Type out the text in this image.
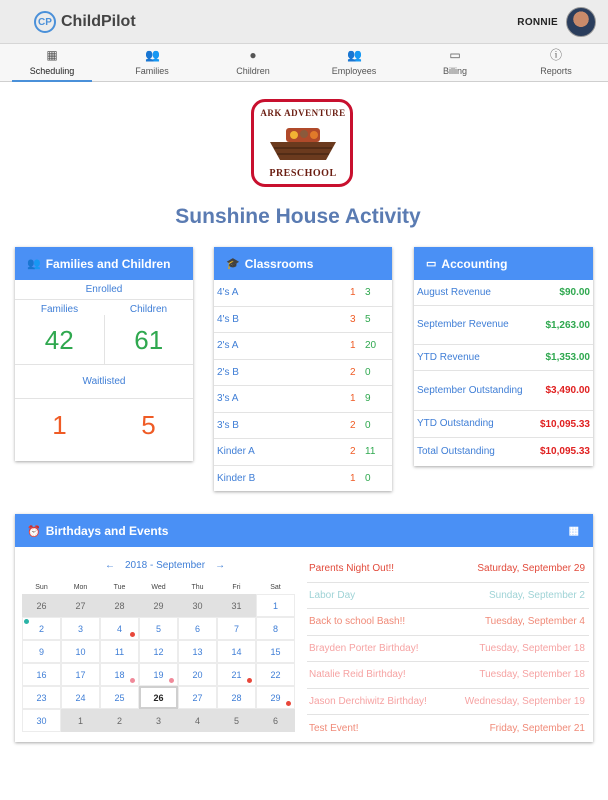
CP ChildPilot	RONNIE
▦
Scheduling
👥
Families
●
Children
👥
Employees
▭
Billing
ⓘ
Reports
ARK ADVENTURE
PRESCHOOL
Sunshine House Activity
👥 Families and Children
Enrolled
Families	Children
42	61
Waitlisted
1	5
🎓 Classrooms
4's A	1 3
4's B	3 5
2's A	1 20
2's B	2 0
3's A	1 9
3's B	2 0
Kinder A	2 11
Kinder B	1 0
▭ Accounting
August Revenue	$90.00
September Revenue	$1,263.00
YTD Revenue	$1,353.00
September Outstanding	$3,490.00
YTD Outstanding	$10,095.33
Total Outstanding	$10,095.33
⏰ Birthdays and Events	▦
← 2018 - September →
Sun	Mon	Tue	Wed	Thu	Fri	Sat
26	27	28	29	30	31	1
2	3	4	5	6	7	8
9	10	11	12	13	14	15
16	17	18	19	20	21	22
23	24	25	26	27	28	29
30	1	2	3	4	5	6
Parents Night Out!!	Saturday, September 29
Labor Day	Sunday, September 2
Back to school Bash!!	Tuesday, September 4
Brayden Porter Birthday!	Tuesday, September 18
Natalie Reid Birthday!	Tuesday, September 18
Jason Derchiwitz Birthday!	Wednesday, September 19
Test Event!	Friday, September 21
